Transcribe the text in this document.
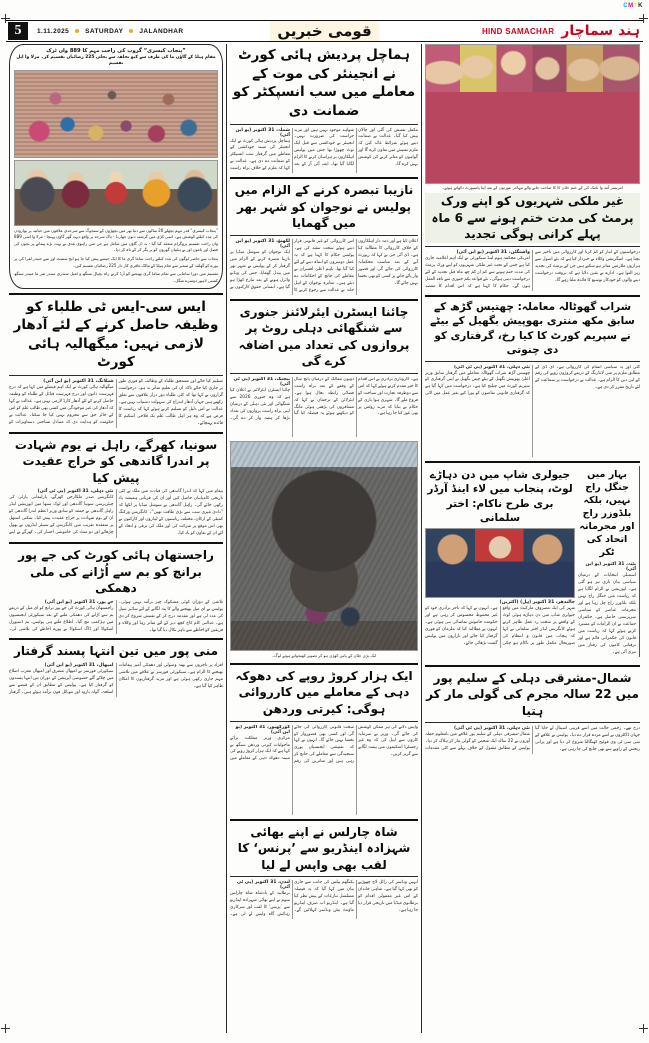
CMYK
5	1.11.2025 SATURDAY JALANDHAR	قومی خبریں	HIND SAMACHAR ہند سماچار
”پنجاب کیسری“ گروپ کی راحت مہم کا 889 واں ٹرک
مقام ہیلڈ کے گاؤں ما کی طرف سے کیو تحلقہ سے بجلی 225 رضائیاں تقسیم کر۔ مرلا وا ایل تقسیم
”پنجاب کیسری“ قدر مہم پچھلے 26 سالوں سے دنیا بھر میں بچھڑوں کے سنجوگ سے سرحدی علاقوں میں حیاتیہ پر یوارودں کی مدد کیلئے کوشش ہے۔ اسی کڑی میں گزشتہ دنوں جھارنڈ - پاک سرحد پر واقع دیہہ گھر گاؤں پہنچا - مرلا وا اسی 889 واں راحت تقسیم پروگرام منعقد کیا گیا - یہ ان گاؤں میں شامل ہے جن میں راہوی غدی نے بہت بڑے پیمانے پر بچوں کی فصل اور باغوں اور بے ہٹبیان گھروں کو پر یگر کر کے تاہ کر دیا۔
پنجاب سے حاصر لوگوں کی مدد کیلئے راحت ساما گری ما کا ایک جیسے پیش کیا جا ہو انج سمیٹ اور سے جیندر لقرا کی پر یورے کو گھلقہ کے سمیر سے تعام ہیلڈ کے مالک غافری کار دار 225 رضائیاں تقسیم کیں۔
تقسیم میں دورا سامانی سے تمام ساما گری بھیجنے کو آرڈ کرتے راہ بچپال سنگھ و ٹمیل سندری سندر شر ما میندر سنگھ کشنی لاہور دوسرے منگل۔
ایس سی-ایس ٹی طلباء کو وظیفہ حاصل کرنے کے لئے آدھار لازمی نہیں: میگھالیہ ہائی کورٹ
شیلانگ، 31 اکتوبر (یو این آئی)
میگھالیہ ہائی کورٹ نے ایک اہم فیصلے میں کہا ہے کہ درج فہرست ذاتوں اور درج فہرست قبائل کے طلباء کو وظیفہ حاصل کرنے کے لئے آدھار کارڈ لازمی نہیں ہے۔ عدالت نے کہا کہ آدھار کی غیر موجودگی میں کسی بھی طالب علم کو اس کے جائز حق سے محروم نہیں کیا جا سکتا۔ عدالت نے حکومت کو ہدایت دی کہ متبادل شناختی دستاویزات کو تسلیم کیا جائے اور مستحق طلباء کے وظائف کو فوری طور پر جاری کیا جائے تاکہ ان کی تعلیم متاثر نہ ہو۔ درخواست گزاروں نے کہا تھا کہ کئی طلباء دور دراز علاقوں سے تعلق رکھتے ہیں جہاں آدھار اندراج کی سہولت دستیاب نہیں ہے۔ عدالت نے اس دلیل کو تسلیم کرتے ہوئے کہا کہ ریاست کا فرض ہے کہ وہ ہر اہل طالب علم تک فلاحی اسکیم کا فائدہ پہنچائے۔
سونیا، کھرگے، راہل نے یوم شہادت پر اندرا گاندھی کو خراج عقیدت پیش کیا
نئی دہلی، 31 اکتوبر (پی ٹی آئی)
کانگریس صدر ملکارجن کھرگے، پارلیمانی پارٹی کی چیئرپرسن سونیا گاندھی اور لوک سبھا میں اپوزیشن لیڈر راہل گاندھی نے جمعہ کو سابق وزیر اعظم اندرا گاندھی کو ان کے یوم شہادت پر خراج عقیدت پیش کیا۔ شکتی استھل پر منعقدہ تقریب میں کانگریس کے سینئر لیڈروں نے پھول چڑھائے اور دو منٹ کی خاموشی اختیار کی۔ کھرگے نے اپنے پیغام میں کہا کہ اندرا گاندھی کی قیادت میں ملک نے کئی تاریخی کامیابیاں حاصل کیں اور ان کی قربانی ہمیشہ یاد رکھی جائے گی۔ راہل گاندھی نے سوشل میڈیا پر لکھا کہ ”دادی میری سب سے بڑی طاقت تھیں“۔ کانگریس ورکنگ کمیٹی کے ارکان، مختلف ریاستوں کے لیڈروں اور کارکنوں نے بھی اس موقع پر شرکت کی اور ملک کی ترقی و اتحاد کے لئے ان کے تعاون کو یاد کیا۔
راجستھان ہائی کورٹ کی جے پور برانچ کو بم سے اُڑانے کی ملی دھمکی
جے پور، 31 اکتوبر (یو این آئی)
راجستھان ہائی کورٹ کی جے پور برانچ کو ای میل کے ذریعے بم سے اڑانے کی دھمکی ملنے کے بعد سیکورٹی ایجنسیوں میں ہڑکمپ مچ گیا۔ اطلاع ملتے ہی پولیس، بم ڈسپوزل اسکواڈ اور ڈاگ اسکواڈ نے پورے احاطے کی تلاشی لی۔ تلاشی کے دوران کوئی مشکوک چیز برآمد نہیں ہوئی۔ پولیس نے ای میل بھیجنے والے کا پتہ لگانے کے لئے سائبر سیل کی مدد لی ہے اور مقدمہ درج کر کے تفتیش شروع کر دی ہے۔ عدالتی کام کاج کچھ دیر کے لئے متاثر رہا اور وکلاء و فریقین کو احاطے سے باہر نکال دیا گیا تھا۔
منی پور میں تین انتہا پسند گرفتار
امپھال، 31 اکتوبر (یو این آئی)
سیکورٹی فورسز نے امپھال مشرق اور امپھال مغرب اضلاع میں چلائے گئے خصوصی آپریشن کے دوران تین انتہا پسندوں کو گرفتار کیا ہے۔ پولیس کے مطابق ان کے قبضے سے اسلحہ، گولہ بارود اور موبائل فون برآمد ہوئے ہیں۔ گرفتار افراد پر تاجروں سے بھتہ وصولی اور دھمکی آمیز پیغامات بھیجنے کا الزام ہے۔ سیکورٹی فورسز نے علاقے میں تلاشی مہم جاری رکھی ہوئی ہے اور مزید گرفتاریوں کا امکان ظاہر کیا گیا ہے۔
ہماچل پردیش ہائی کورٹ نے انجینئر کی موت کے معاملے میں سب انسپکٹر کو ضمانت دی
شملہ، 31 اکتوبر (یو این آئی)
ہماچل پردیش ہائی کورٹ نے ایک انجینئر کی مبینہ خودکشی کے معاملے میں گرفتار سب انسپکٹر کو ضمانت دے دی ہے۔ عدالت نے کہا کہ ملزم کے خلاف براہ راست شواہد موجود نہیں ہیں اور مزید حراست کی ضرورت نہیں۔ انجینئر نے خودکشی سے قبل ایک نوٹ چھوڑا تھا جس میں پولیس اہلکاروں پر ہراساں کرنے کا الزام لگایا گیا تھا۔ ایف آئی آر کے بعد مکمل تفتیش کی گئی اور چالان پیش کیا گیا۔ عدالت نے ضمانت دیتے ہوئے شرائط عائد کیں کہ ملزم تفتیش میں تعاون کرے گا اور گواہوں کو متاثر کرنے کی کوشش نہیں کرے گا۔
نازیبا تبصرہ کرنے کے الزام میں پولیس نے نوجوان کو شہر بھر میں گھمایا
لکھنؤ، 31 اکتوبر (یو این آئی)
ایک نوجوان کو سوشل میڈیا پر نازیبا تبصرہ کرنے کے الزام میں گرفتار کر کے پولیس نے شہر بھر میں پیدل گھمایا، جس کی ویڈیو وائرل ہونے کے بعد تنازع کھڑا ہو گیا ہے۔ انسانی حقوق کارکنوں نے اس کارروائی کو غیر قانونی قرار دیتے ہوئے سخت تنقید کی ہے۔ پولیس حکام کا کہنا ہے کہ یہ عمل دوسروں کو انتباہ دینے کے لئے کیا گیا تھا، تاہم اعلیٰ افسران نے معاملے کی جانچ کے احکامات دے دیئے ہیں۔ متاثرہ نوجوان کے اہل خانہ نے عدالت سے رجوع کرنے کا اعلان کیا ہے اور ذمہ دار اہلکاروں کے خلاف کارروائی کا مطالبہ کیا ہے۔ ڈی آئی جی نے کہا کہ رپورٹ آنے کے بعد مناسب محکمانہ کارروائی کی جائے گی اور قصور وار پائے جانے پر کسی کو بھی بخشا نہیں جائے گا۔
چائنا ایسٹرن ایئرلائنز جنوری سے شنگھائی دہلی روٹ پر پروازوں کی تعداد میں اضافہ کرے گی
بیجنگ، 31 اکتوبر (پی ٹی آئی)
چائنا ایسٹرن ایئرلائنز نے اعلان کیا ہے کہ وہ جنوری 2026 سے شنگھائی اور نئی دہلی کے درمیان اپنی براہ راست پروازوں کی تعداد بڑھا کر ہفتہ وار کر دے گی۔ دونوں ممالک کے درمیان پانچ سال کے وقفے کے بعد براہ راست فضائی رابطہ بحال ہوا ہے۔ ایئرلائن کے ترجمان نے کہا کہ مسافروں کی بڑھتی ہوئی مانگ کو دیکھتے ہوئے یہ فیصلہ کیا گیا ہے۔ کاروباری برادری نے اس اقدام کا خیر مقدم کرتے ہوئے کہا کہ اس سے دوطرفہ تجارت اور سیاحت کو فروغ ملے گا۔ شہری ہوا بازی کے حکام نے بتایا کہ مزید روٹس پر بھی غور کیا جا رہا ہے۔
ایک بڑی چٹان کے پاس کھڑی ہو کر تصویر کھنچواتے ہوئے لوگ۔
ایک ہزار کروڑ روپے کی دھوکہ دہی کے معاملے میں کارروائی ہوگی: کیرتی وردھن
گورکھپور، 31 اکتوبر (یو این آئی)
مرکزی وزیر مملکت برائے ماحولیات کیرتی وردھن سنگھ نے کہا ہے کہ ایک ہزار کروڑ روپے کی مبینہ دھوکہ دہی کے معاملے میں سخت قانونی کارروائی کی جائے گی اور کسی بھی قصوروار کو بخشا نہیں جائے گا۔ انہوں نے کہا کہ تفتیشی ایجنسیاں پوری سنجیدگی سے معاملے کی جانچ کر رہی ہیں اور متاثرین کی رقم واپس دلانے کی ہر ممکن کوشش کی جائے گی۔ وزیر نے سرمایہ کاروں سے اپیل کی کہ وہ غیر رجسٹرڈ اسکیموں میں پیسہ لگانے سے گریز کریں۔
شاہ چارلس نے اپنے بھائی شہزادہ اینڈریو سے ’پرنس‘ کا لقب بھی واپس لے لیا
لندن، 31 اکتوبر (پی ٹی آئی)
برطانیہ کے بادشاہ شاہ چارلس سوم نے اپنے بھائی شہزادہ اینڈریو سے ’پرنس‘ کا لقب اور سرکاری رہائش گاہ واپس لے لی ہے۔ بکنگھم پیلس کی جانب سے جاری بیان میں کہا گیا کہ یہ فیصلہ مسلسل تنازعات کے پیش نظر کیا گیا ہے۔ اینڈریو اب صرف اینڈریو ماؤنٹ بیٹن ونڈسر کہلائیں گے۔ انہیں ونڈسر کی رائل لاج چھوڑنے کو بھی کہا گیا ہے۔ شاہی خاندان کے اس غیر معمولی اقدام کو برطانوی میڈیا میں تاریخی قرار دیا جا رہا ہے۔
امرتسر آمد وا نامک کی کے ختم خلان کا کا صاحب جانے والے مہاجر عورتوں کے بعد اپنا پاسپورٹ دکھاتے ہوئے۔
غیر ملکی شہریوں کو اپنے ورک پرمٹ کی مدت ختم ہونے سے 6 ماہ پہلے کرانی ہوگی تجدید
واشنگٹن، 31 اکتوبر (یو این آئی)
امریکی محکمہ ہوم لینڈ سیکورٹی نے ایک اہم اعلامیہ جاری کیا ہے جس کے تحت غیر ملکی شہریوں کو اپنے ورک پرمٹ کی مدت ختم ہونے سے کم از کم چھ ماہ قبل تجدید کے لئے درخواست دینی ہوگی۔ نئے قواعد یکم جنوری سے نافذ العمل ہوں گے۔ حکام کا کہنا ہے کہ اس اقدام کا مقصد درخواستوں کے انبار کو کم کرنا اور کارروائی میں تاخیر سے بچنا ہے۔ امیگریشن وکلاء نے خبردار کیا ہے کہ نئے اصول سے ہزاروں ملازمین متاثر ہو سکتے ہیں جن کے پرمٹ کی تجدید زیر التوا ہے۔ ادارے نے یقین دلایا ہے کہ بروقت درخواست دینے والوں کو خودکار توسیع کا فائدہ ملتا رہے گا۔
شراب گھوٹالہ معاملہ: چھتیس گڑھ کے سابق مکھ منتری بھوپیش بگھیل کے بیٹے نے سپریم کورٹ کا کیا رخ، گرفتاری کو دی چنوتی
نئی دہلی، 31 اکتوبر (پی ٹی آئی)
چھتیس گڑھ شراب گھوٹالہ معاملے میں گرفتار سابق وزیر اعلیٰ بھوپیش بگھیل کے بیٹے چیتن بگھیل نے اپنی گرفتاری کو سپریم کورٹ میں چیلنج کیا ہے۔ درخواست میں کہا گیا ہے کہ گرفتاری قانونی تقاضوں کو پورا کیے بغیر عمل میں لائی گئی اور یہ سیاسی انتقام کی کارروائی ہے۔ ای ڈی کے مطابق ملزم پر منی لانڈرنگ کے ذریعے کروڑوں روپے کی رقم کے لین دین کا الزام ہے۔ عدالت نے درخواست پر سماعت کے لئے تاریخ مقرر کر دی ہے۔
جیولری شاپ میں دن دہاڑے لوٹ، پنجاب میں لاء اینڈ آرڈر بری طرح ناکام: اختر سلمانی
جالندھر، 31 اکتوبر (ہل) (اکثریں)
شہر کی ایک مصروف مارکیٹ میں واقع جیولری شاپ میں دن دہاڑے ہوئی لوٹ کے واقعے پر سخت رد عمل ظاہر کرتے ہوئے کانگریس لیڈر اختر سلمانی نے کہا کہ پنجاب میں قانون و انتظام کی صورتحال مکمل طور پر ناکام ہو چکی ہے۔ انہوں نے کہا کہ تاجر برادری خود کو غیر محفوظ محسوس کر رہی ہے اور حکومت خاموش تماشائی بنی ہوئی ہے۔ انہوں نے مطالبہ کیا کہ ملزمان کو فوری گرفتار کیا جائے اور بازاروں میں پولیس گشت بڑھائی جائے۔
بہار میں جنگل راج نہیں، بلکہ بلڈوزر راج اور مجرمانہ اتحاد کی ٹکر
پٹنہ، 31 اکتوبر (یو این آئی)
اسمبلی انتخابات کے درمیان سیاسی بیان بازی تیز ہو گئی ہے۔ اپوزیشن نے الزام لگایا ہے کہ ریاست میں جنگل راج نہیں بلکہ بلڈوزر راج چل رہا ہے اور مجرمانہ عناصر کو سیاسی سرپرستی حاصل ہے۔ حکمراں جماعت نے ان الزامات کو مسترد کرتے ہوئے کہا کہ ریاست میں قانون کی حکمرانی قائم ہے اور ترقیاتی کاموں کی رفتار میں تیزی آئی ہے۔
شمال-مشرقی دہلی کے سلیم پور میں 22 سالہ مجرم کی گولی مار کر ہتیا
نئی دہلی، 31 اکتوبر (پی ٹی آئی)
شمال-مشرقی دہلی کے سلیم پور علاقے میں نامعلوم حملہ آوروں نے 22 سالہ ایک شخص کو گولی مار کر ہلاک کر دیا۔ پولیس کے مطابق مقتول کے خلاف پہلے سے کئی مقدمات درج تھے۔ زخمی حالت میں اسے قریبی اسپتال لے جایا گیا جہاں ڈاکٹروں نے اسے مردہ قرار دے دیا۔ پولیس نے علاقے کے سی سی ٹی وی فوٹیج کھنگالنا شروع کر دیا ہے اور پرانی رنجش کے زاویے سے بھی جانچ کی جا رہی ہے۔
